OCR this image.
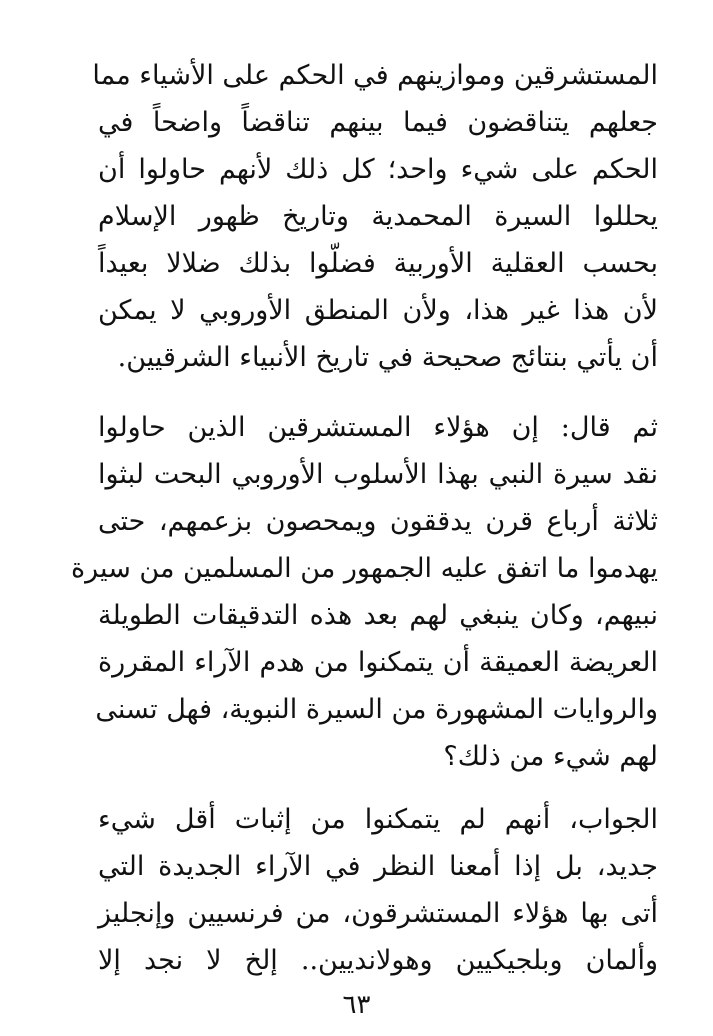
المستشرقين وموازينهم في الحكم على الأشياء مما
جعلهم يتناقضون فيما بينهم تناقضاً واضحاً في
الحكم على شيء واحد؛ كل ذلك لأنهم حاولوا أن
يحللوا السيرة المحمدية وتاريخ ظهور الإسلام
بحسب العقلية الأوربية فضلّوا بذلك ضلالا بعيداً
لأن هذا غير هذا، ولأن المنطق الأوروبي لا يمكن
أن يأتي بنتائج صحيحة في تاريخ الأنبياء الشرقيين.
ثم قال: إن هؤلاء المستشرقين الذين حاولوا
نقد سيرة النبي بهذا الأسلوب الأوروبي البحت لبثوا
ثلاثة أرباع قرن يدققون ويمحصون بزعمهم، حتى
يهدموا ما اتفق عليه الجمهور من المسلمين من سيرة
نبيهم، وكان ينبغي لهم بعد هذه التدقيقات الطويلة
العريضة العميقة أن يتمكنوا من هدم الآراء المقررة
والروايات المشهورة من السيرة النبوية، فهل تسنى
لهم شيء من ذلك؟
الجواب، أنهم لم يتمكنوا من إثبات أقل شيء
جديد، بل إذا أمعنا النظر في الآراء الجديدة التي
أتى بها هؤلاء المستشرقون، من فرنسيين وإنجليز
وألمان وبلجيكيين وهولانديين.. إلخ لا نجد إلا
٦٣
